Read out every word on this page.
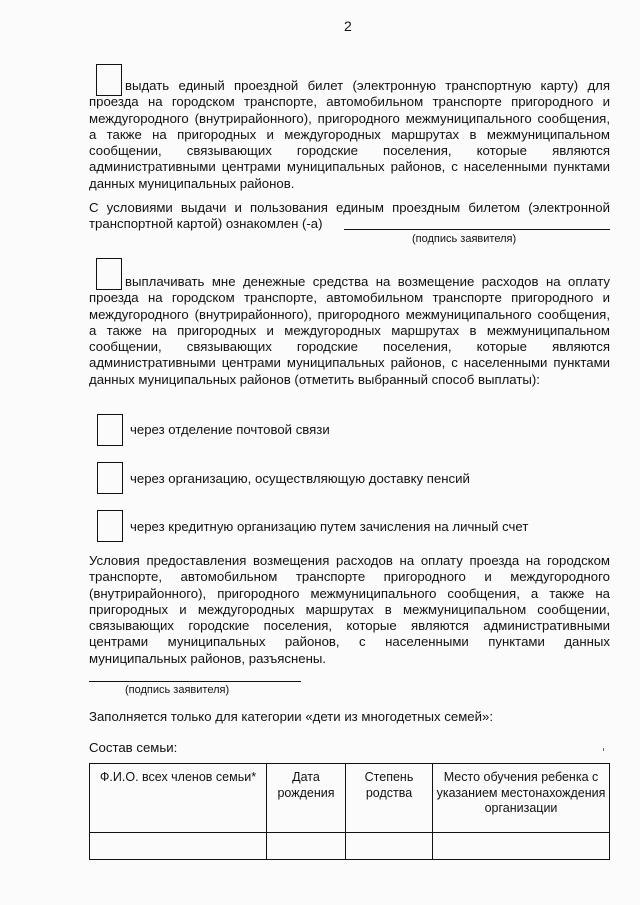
2

выдать единый проездной билет (электронную транспортную карту) для проезда на городском транспорте, автомобильном транспорте пригородного и междугородного (внутрирайонного), пригородного межмуниципального сообщения, а также на пригородных и междугородных маршрутах в межмуниципальном сообщении, связывающих городские поселения, которые являются административными центрами муниципальных районов, с населенными пунктами данных муниципальных районов.

С условиями выдачи и пользования единым проездным билетом (электронной транспортной картой) ознакомлен (-а)

(подпись заявителя)

выплачивать мне денежные средства на возмещение расходов на оплату проезда на городском транспорте, автомобильном транспорте пригородного и междугородного (внутрирайонного), пригородного межмуниципального сообщения, а также на пригородных и междугородных маршрутах в межмуниципальном сообщении, связывающих городские поселения, которые являются административными центрами муниципальных районов, с населенными пунктами данных муниципальных районов (отметить выбранный способ выплаты):

через отделение почтовой связи
через организацию, осуществляющую доставку пенсий
через кредитную организацию путем зачисления на личный счет

Условия предоставления возмещения расходов на оплату проезда на городском транспорте, автомобильном транспорте пригородного и междугородного (внутрирайонного), пригородного межмуниципального сообщения, а также на пригородных и междугородных маршрутах в межмуниципальном сообщении, связывающих городские поселения, которые являются административными центрами муниципальных районов, с населенными пунктами данных муниципальных районов, разъяснены.

(подпись заявителя)
Заполняется только для категории «дети из многодетных семей»:
Состав семьи:
Ф.И.О. всех членов семьи*	Дата рождения	Степень родства	Место обучения ребенка с указанием местонахождения организации
